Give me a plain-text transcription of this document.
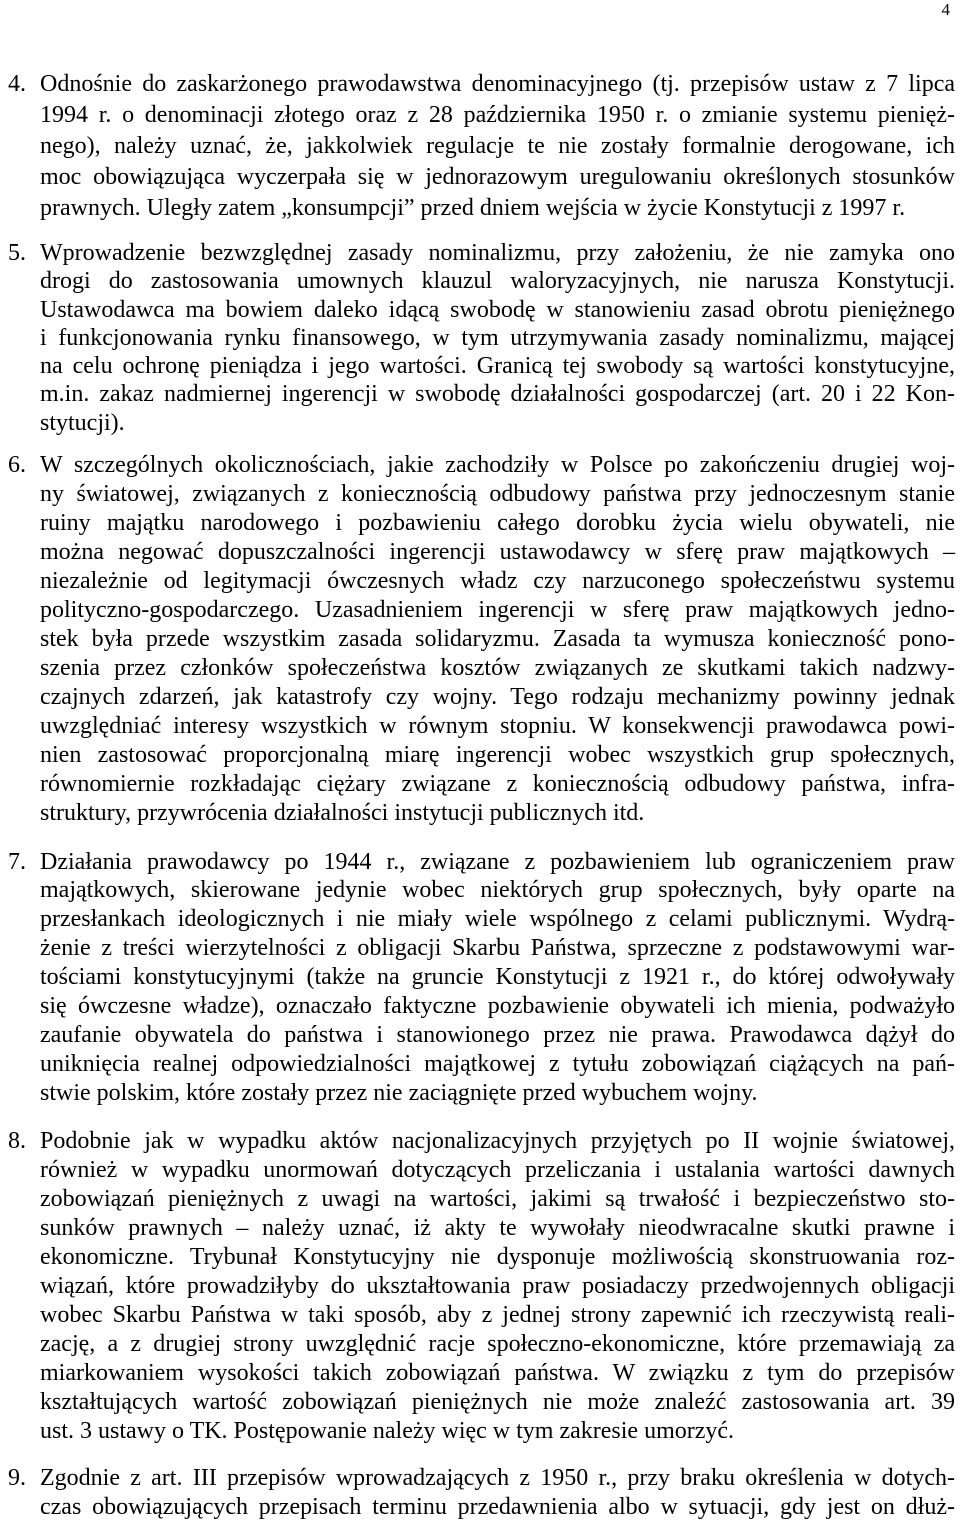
4
4. Odnośnie do zaskarżonego prawodawstwa denominacyjnego (tj. przepisów ustaw z 7 lipca
1994 r. o denominacji złotego oraz z 28 października 1950 r. o zmianie systemu pienięż-
nego), należy uznać, że, jakkolwiek regulacje te nie zostały formalnie derogowane, ich
moc obowiązująca wyczerpała się w jednorazowym uregulowaniu określonych stosunków
prawnych. Uległy zatem „konsumpcji” przed dniem wejścia w życie Konstytucji z 1997 r.
5. Wprowadzenie bezwzględnej zasady nominalizmu, przy założeniu, że nie zamyka ono
drogi do zastosowania umownych klauzul waloryzacyjnych, nie narusza Konstytucji.
Ustawodawca ma bowiem daleko idącą swobodę w stanowieniu zasad obrotu pieniężnego
i funkcjonowania rynku finansowego, w tym utrzymywania zasady nominalizmu, mającej
na celu ochronę pieniądza i jego wartości. Granicą tej swobody są wartości konstytucyjne,
m.in. zakaz nadmiernej ingerencji w swobodę działalności gospodarczej (art. 20 i 22 Kon-
stytucji).
6. W szczególnych okolicznościach, jakie zachodziły w Polsce po zakończeniu drugiej woj-
ny światowej, związanych z koniecznością odbudowy państwa przy jednoczesnym stanie
ruiny majątku narodowego i pozbawieniu całego dorobku życia wielu obywateli, nie
można negować dopuszczalności ingerencji ustawodawcy w sferę praw majątkowych –
niezależnie od legitymacji ówczesnych władz czy narzuconego społeczeństwu systemu
polityczno-gospodarczego. Uzasadnieniem ingerencji w sferę praw majątkowych jedno-
stek była przede wszystkim zasada solidaryzmu. Zasada ta wymusza konieczność pono-
szenia przez członków społeczeństwa kosztów związanych ze skutkami takich nadzwy-
czajnych zdarzeń, jak katastrofy czy wojny. Tego rodzaju mechanizmy powinny jednak
uwzględniać interesy wszystkich w równym stopniu. W konsekwencji prawodawca powi-
nien zastosować proporcjonalną miarę ingerencji wobec wszystkich grup społecznych,
równomiernie rozkładając ciężary związane z koniecznością odbudowy państwa, infra-
struktury, przywrócenia działalności instytucji publicznych itd.
7. Działania prawodawcy po 1944 r., związane z pozbawieniem lub ograniczeniem praw
majątkowych, skierowane jedynie wobec niektórych grup społecznych, były oparte na
przesłankach ideologicznych i nie miały wiele wspólnego z celami publicznymi. Wydrą-
żenie z treści wierzytelności z obligacji Skarbu Państwa, sprzeczne z podstawowymi war-
tościami konstytucyjnymi (także na gruncie Konstytucji z 1921 r., do której odwoływały
się ówczesne władze), oznaczało faktyczne pozbawienie obywateli ich mienia, podważyło
zaufanie obywatela do państwa i stanowionego przez nie prawa. Prawodawca dążył do
uniknięcia realnej odpowiedzialności majątkowej z tytułu zobowiązań ciążących na pań-
stwie polskim, które zostały przez nie zaciągnięte przed wybuchem wojny.
8. Podobnie jak w wypadku aktów nacjonalizacyjnych przyjętych po II wojnie światowej,
również w wypadku unormowań dotyczących przeliczania i ustalania wartości dawnych
zobowiązań pieniężnych z uwagi na wartości, jakimi są trwałość i bezpieczeństwo sto-
sunków prawnych – należy uznać, iż akty te wywołały nieodwracalne skutki prawne i
ekonomiczne. Trybunał Konstytucyjny nie dysponuje możliwością skonstruowania roz-
wiązań, które prowadziłyby do ukształtowania praw posiadaczy przedwojennych obligacji
wobec Skarbu Państwa w taki sposób, aby z jednej strony zapewnić ich rzeczywistą reali-
zację, a z drugiej strony uwzględnić racje społeczno-ekonomiczne, które przemawiają za
miarkowaniem wysokości takich zobowiązań państwa. W związku z tym do przepisów
kształtujących wartość zobowiązań pieniężnych nie może znaleźć zastosowania art. 39
ust. 3 ustawy o TK. Postępowanie należy więc w tym zakresie umorzyć.
9. Zgodnie z art. III przepisów wprowadzających z 1950 r., przy braku określenia w dotych-
czas obowiązujących przepisach terminu przedawnienia albo w sytuacji, gdy jest on dłuż-
